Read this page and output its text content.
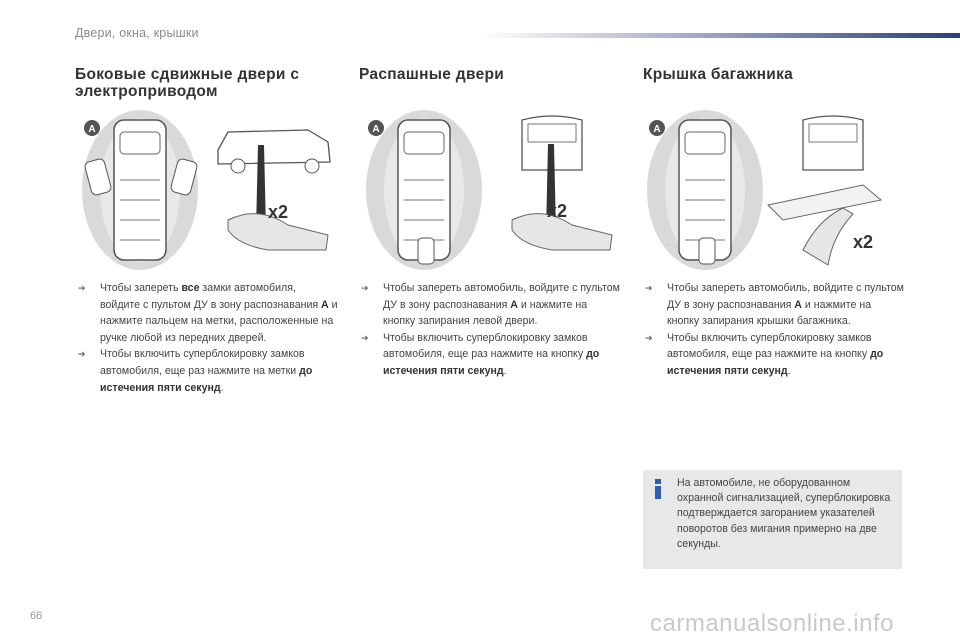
Двери, окна, крышки
Боковые сдвижные двери с
электроприводом
A
x2
➔ Чтобы запереть все замки автомобиля, войдите с пультом ДУ в зону распознавания A и нажмите пальцем на метки, расположенные на ручке любой из передних дверей.
➔ Чтобы включить суперблокировку замков автомобиля, еще раз нажмите на метки до истечения пяти секунд.
Распашные двери
A
x2
➔ Чтобы запереть автомобиль, войдите с пультом ДУ в зону распознавания A и нажмите на кнопку запирания левой двери.
➔ Чтобы включить суперблокировку замков автомобиля, еще раз нажмите на кнопку до истечения пяти секунд.
Крышка багажника
A
x2
➔ Чтобы запереть автомобиль, войдите с пультом ДУ в зону распознавания A и нажмите на кнопку запирания крышки багажника.
➔ Чтобы включить суперблокировку замков автомобиля, еще раз нажмите на кнопку до истечения пяти секунд.
На автомобиле, не оборудованном охранной сигнализацией, суперблокировка подтверждается загоранием указателей поворотов без мигания примерно на две секунды.
66	carmanualsonline.info
